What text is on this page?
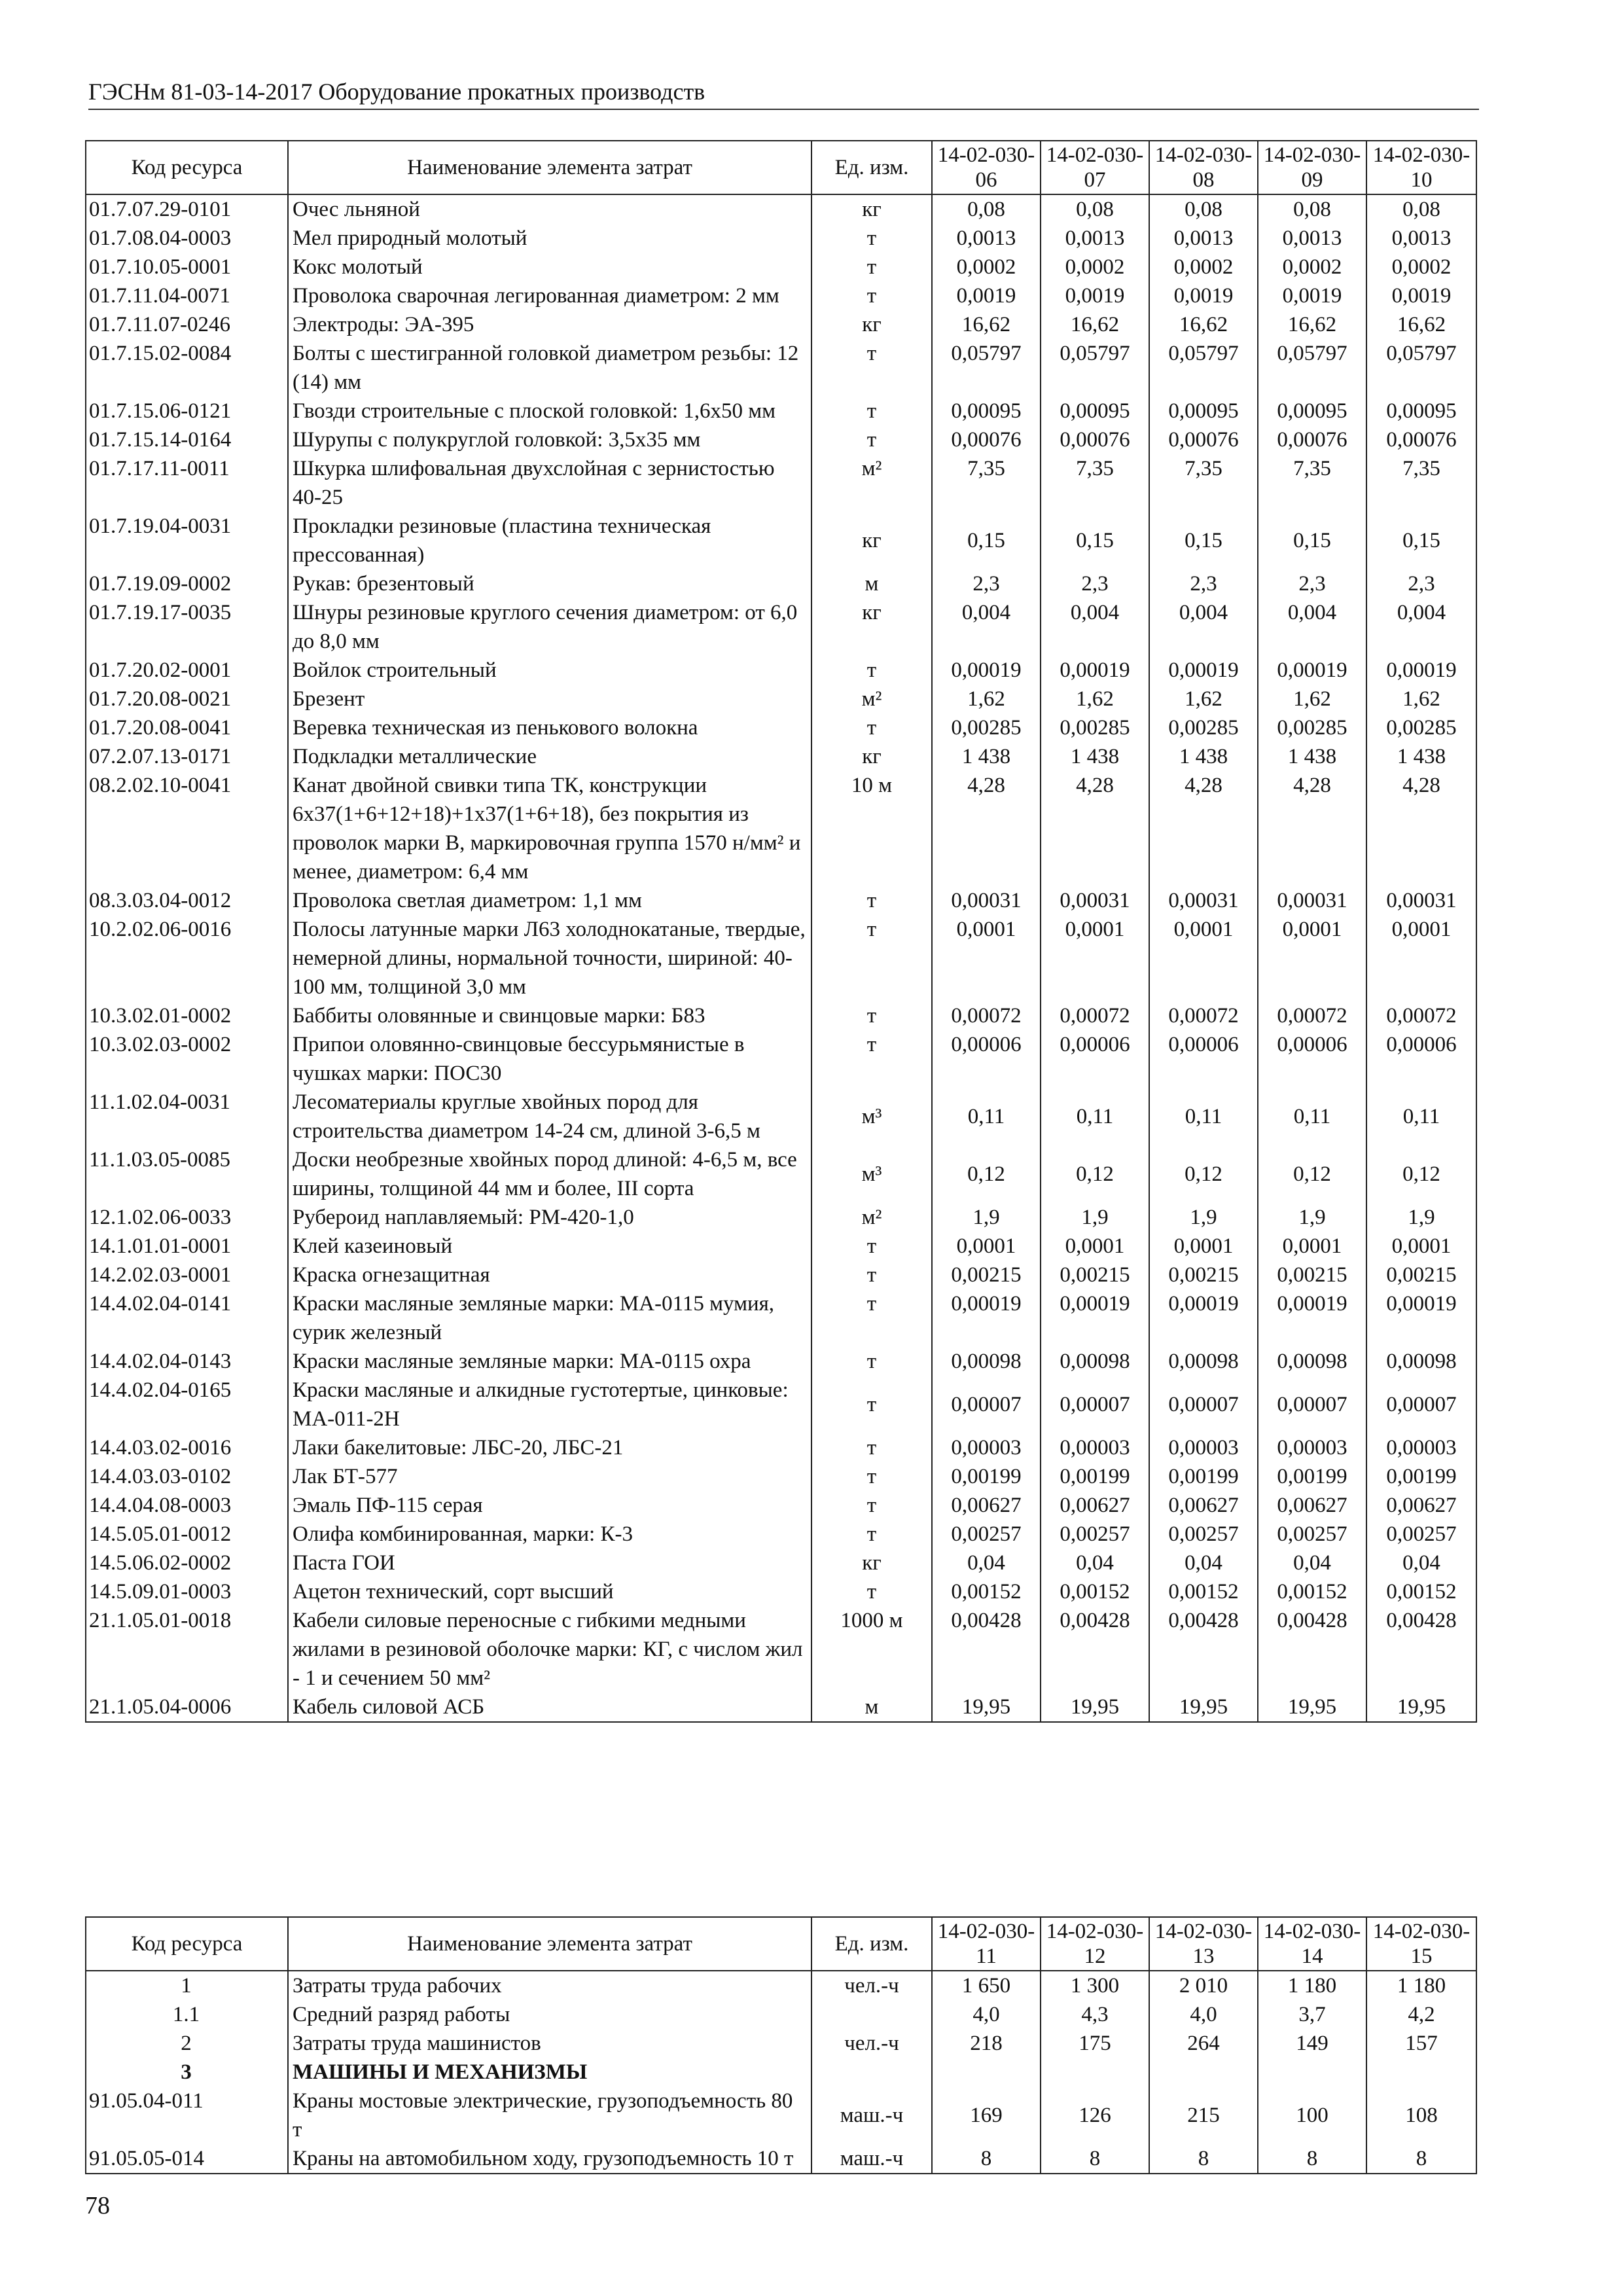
ГЭСНм 81-03-14-2017 Оборудование прокатных производств
Код ресурса	Наименование элемента затрат	Ед. изм.	14-02-030-06	14-02-030-07	14-02-030-08	14-02-030-09	14-02-030-10
01.7.07.29-0101	Очес льняной	кг	0,08	0,08	0,08	0,08	0,08
01.7.08.04-0003	Мел природный молотый	т	0,0013	0,0013	0,0013	0,0013	0,0013
01.7.10.05-0001	Кокс молотый	т	0,0002	0,0002	0,0002	0,0002	0,0002
01.7.11.04-0071	Проволока сварочная легированная диаметром: 2 мм	т	0,0019	0,0019	0,0019	0,0019	0,0019
01.7.11.07-0246	Электроды: ЭА-395	кг	16,62	16,62	16,62	16,62	16,62
01.7.15.02-0084	Болты с шестигранной головкой диаметром резьбы: 12 (14) мм	т	0,05797	0,05797	0,05797	0,05797	0,05797
01.7.15.06-0121	Гвозди строительные с плоской головкой: 1,6х50 мм	т	0,00095	0,00095	0,00095	0,00095	0,00095
01.7.15.14-0164	Шурупы с полукруглой головкой: 3,5х35 мм	т	0,00076	0,00076	0,00076	0,00076	0,00076
01.7.17.11-0011	Шкурка шлифовальная двухслойная с зернистостью 40-25	м²	7,35	7,35	7,35	7,35	7,35
01.7.19.04-0031	Прокладки резиновые (пластина техническая прессованная)	кг	0,15	0,15	0,15	0,15	0,15
01.7.19.09-0002	Рукав: брезентовый	м	2,3	2,3	2,3	2,3	2,3
01.7.19.17-0035	Шнуры резиновые круглого сечения диаметром: от 6,0 до 8,0 мм	кг	0,004	0,004	0,004	0,004	0,004
01.7.20.02-0001	Войлок строительный	т	0,00019	0,00019	0,00019	0,00019	0,00019
01.7.20.08-0021	Брезент	м²	1,62	1,62	1,62	1,62	1,62
01.7.20.08-0041	Веревка техническая из пенькового волокна	т	0,00285	0,00285	0,00285	0,00285	0,00285
07.2.07.13-0171	Подкладки металлические	кг	1 438	1 438	1 438	1 438	1 438
08.2.02.10-0041	Канат двойной свивки типа ТК, конструкции 6х37(1+6+12+18)+1х37(1+6+18), без покрытия из проволок марки В, маркировочная группа 1570 н/мм² и менее, диаметром: 6,4 мм	10 м	4,28	4,28	4,28	4,28	4,28
08.3.03.04-0012	Проволока светлая диаметром: 1,1 мм	т	0,00031	0,00031	0,00031	0,00031	0,00031
10.2.02.06-0016	Полосы латунные марки Л63 холоднокатаные, твердые, немерной длины, нормальной точности, шириной: 40-100 мм, толщиной 3,0 мм	т	0,0001	0,0001	0,0001	0,0001	0,0001
10.3.02.01-0002	Баббиты оловянные и свинцовые марки: Б83	т	0,00072	0,00072	0,00072	0,00072	0,00072
10.3.02.03-0002	Припои оловянно-свинцовые бессурьмянистые в чушках марки: ПОС30	т	0,00006	0,00006	0,00006	0,00006	0,00006
11.1.02.04-0031	Лесоматериалы круглые хвойных пород для строительства диаметром 14-24 см, длиной 3-6,5 м	м³	0,11	0,11	0,11	0,11	0,11
11.1.03.05-0085	Доски необрезные хвойных пород длиной: 4-6,5 м, все ширины, толщиной 44 мм и более, III сорта	м³	0,12	0,12	0,12	0,12	0,12
12.1.02.06-0033	Рубероид наплавляемый: РМ-420-1,0	м²	1,9	1,9	1,9	1,9	1,9
14.1.01.01-0001	Клей казеиновый	т	0,0001	0,0001	0,0001	0,0001	0,0001
14.2.02.03-0001	Краска огнезащитная	т	0,00215	0,00215	0,00215	0,00215	0,00215
14.4.02.04-0141	Краски масляные земляные марки: МА-0115 мумия, сурик железный	т	0,00019	0,00019	0,00019	0,00019	0,00019
14.4.02.04-0143	Краски масляные земляные марки: МА-0115 охра	т	0,00098	0,00098	0,00098	0,00098	0,00098
14.4.02.04-0165	Краски масляные и алкидные густотертые, цинковые: МА-011-2Н	т	0,00007	0,00007	0,00007	0,00007	0,00007
14.4.03.02-0016	Лаки бакелитовые: ЛБС-20, ЛБС-21	т	0,00003	0,00003	0,00003	0,00003	0,00003
14.4.03.03-0102	Лак БТ-577	т	0,00199	0,00199	0,00199	0,00199	0,00199
14.4.04.08-0003	Эмаль ПФ-115 серая	т	0,00627	0,00627	0,00627	0,00627	0,00627
14.5.05.01-0012	Олифа комбинированная, марки: К-3	т	0,00257	0,00257	0,00257	0,00257	0,00257
14.5.06.02-0002	Паста ГОИ	кг	0,04	0,04	0,04	0,04	0,04
14.5.09.01-0003	Ацетон технический, сорт высший	т	0,00152	0,00152	0,00152	0,00152	0,00152
21.1.05.01-0018	Кабели силовые переносные с гибкими медными жилами в резиновой оболочке марки: КГ, с числом жил - 1 и сечением 50 мм²	1000 м	0,00428	0,00428	0,00428	0,00428	0,00428
21.1.05.04-0006	Кабель силовой АСБ	м	19,95	19,95	19,95	19,95	19,95
Код ресурса	Наименование элемента затрат	Ед. изм.	14-02-030-11	14-02-030-12	14-02-030-13	14-02-030-14	14-02-030-15
1	Затраты труда рабочих	чел.-ч	1 650	1 300	2 010	1 180	1 180
1.1	Средний разряд работы		4,0	4,3	4,0	3,7	4,2
2	Затраты труда машинистов	чел.-ч	218	175	264	149	157
3	МАШИНЫ И МЕХАНИЗМЫ						
91.05.04-011	Краны мостовые электрические, грузоподъемность 80 т	маш.-ч	169	126	215	100	108
91.05.05-014	Краны на автомобильном ходу, грузоподъемность 10 т	маш.-ч	8	8	8	8	8
78
